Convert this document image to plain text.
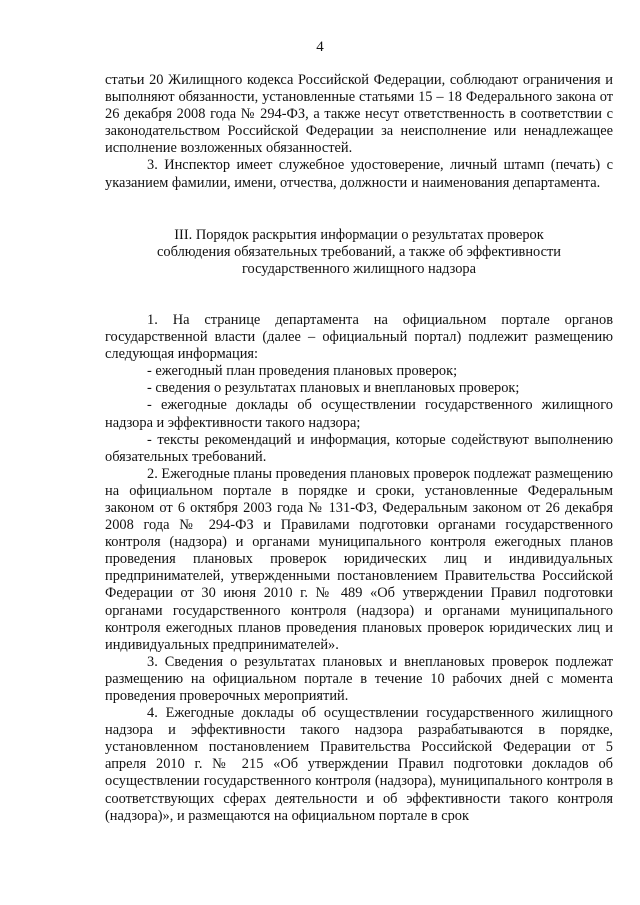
4

статьи 20 Жилищного кодекса Российской Федерации, соблюдают ограничения и выполняют обязанности, установленные статьями 15 – 18 Федерального закона от 26 декабря 2008 года № 294-ФЗ, а также несут ответственность в соответствии с законодательством Российской Федерации за неисполнение или ненадлежащее исполнение возложенных обязанностей.

3. Инспектор имеет служебное удостоверение, личный штамп (печать) с указанием фамилии, имени, отчества, должности и наименования департамента.

III. Порядок раскрытия информации о результатах проверок
соблюдения обязательных требований, а также об эффективности
государственного жилищного надзора

1. На странице департамента на официальном портале органов государственной власти (далее – официальный портал) подлежит размещению следующая информация:

- ежегодный план проведения плановых проверок;

- сведения о результатах плановых и внеплановых проверок;

- ежегодные доклады об осуществлении государственного жилищного надзора и эффективности такого надзора;

- тексты рекомендаций и информация, которые содействуют выполнению обязательных требований.

2. Ежегодные планы проведения плановых проверок подлежат размещению на официальном портале в порядке и сроки, установленные Федеральным законом от 6 октября 2003 года № 131-ФЗ, Федеральным законом от 26 декабря 2008 года № 294-ФЗ и Правилами подготовки органами государственного контроля (надзора) и органами муниципального контроля ежегодных планов проведения плановых проверок юридических лиц и индивидуальных предпринимателей, утвержденными постановлением Правительства Российской Федерации от 30 июня 2010 г. № 489 «Об утверждении Правил подготовки органами государственного контроля (надзора) и органами муниципального контроля ежегодных планов проведения плановых проверок юридических лиц и индивидуальных предпринимателей».

3. Сведения о результатах плановых и внеплановых проверок подлежат размещению на официальном портале в течение 10 рабочих дней с момента проведения проверочных мероприятий.

4. Ежегодные доклады об осуществлении государственного жилищного надзора и эффективности такого надзора разрабатываются в порядке, установленном постановлением Правительства Российской Федерации от 5 апреля 2010 г. № 215 «Об утверждении Правил подготовки докладов об осуществлении государственного контроля (надзора), муниципального контроля в соответствующих сферах деятельности и об эффективности такого контроля (надзора)», и размещаются на официальном портале в срок
